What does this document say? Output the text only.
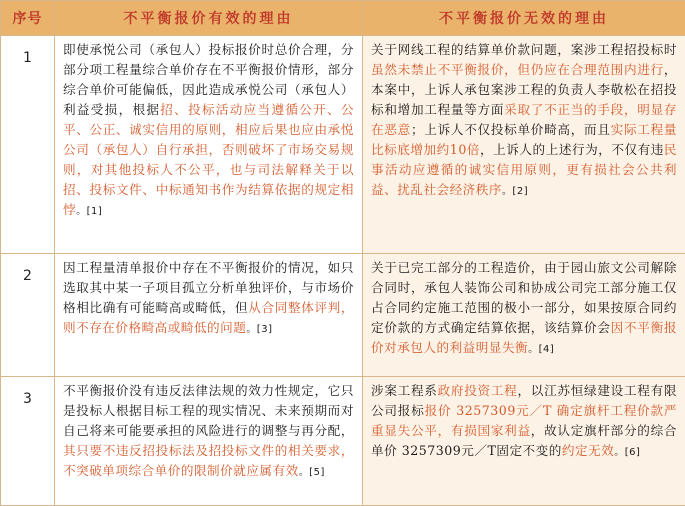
序号	不平衡报价有效的理由	不平衡报价无效的理由
1	即使承悦公司（承包人）投标报价时总价合理，分部分项工程量综合单价存在不平衡报价情形，部分综合单价可能偏低，因此造成承悦公司（承包人）利益受损，根据招、投标活动应当遵循公开、公平、公正、诚实信用的原则，相应后果也应由承悦公司（承包人）自行承担，否则破坏了市场交易规则，对其他投标人不公平，也与司法解释关于以招、投标文件、中标通知书作为结算依据的规定相悖。[1]	关于网线工程的结算单价款问题，案涉工程招投标时虽然未禁止不平衡报价，但仍应在合理范围内进行，本案中，上诉人承包案涉工程的负责人李敬松在招投标和增加工程量等方面采取了不正当的手段，明显存在恶意；上诉人不仅投标单价畸高，而且实际工程量比标底增加约10倍，上诉人的上述行为，不仅有违民事活动应遵循的诚实信用原则，更有损社会公共利益、扰乱社会经济秩序。[2]

2	因工程量清单报价中存在不平衡报价的情况，如只选取其中某一子项目孤立分析单独评价，与市场价格相比确有可能畸高或畸低，但从合同整体评判，则不存在价格畸高或畸低的问题。[3]	关于已完工部分的工程造价，由于园山旅文公司解除合同时，承包人装饰公司和协成公司完工部分施工仅占合同约定施工范围的极小一部分，如果按原合同约定价款的方式确定结算依据，该结算价会因不平衡报价对承包人的利益明显失衡。[4]

3	不平衡报价没有违反法律法规的效力性规定，它只是投标人根据目标工程的现实情况、未来预期而对自己将来可能要承担的风险进行的调整与再分配，其只要不违反招投标法及招投标文件的相关要求，不突破单项综合单价的限制价就应属有效。[5]	涉案工程系政府投资工程，以江苏恒绿建设工程有限公司报标报价 3257309元／T 确定旗杆工程价款严重显失公平，有损国家利益，故认定旗杆部分的综合单价 3257309元／T固定不变的约定无效。[6]
